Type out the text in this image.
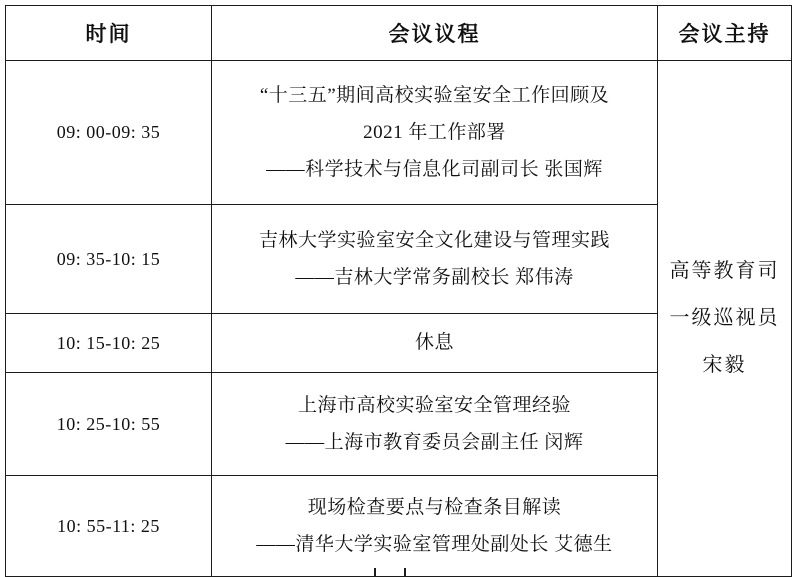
时间	会议议程	会议主持
09: 00-09: 35	“十三五”期间高校实验室安全工作回顾及
2021 年工作部署
——科学技术与信息化司副司长 张国辉	高等教育司
一级巡视员
宋毅

09: 35-10: 15	吉林大学实验室安全文化建设与管理实践
——吉林大学常务副校长 郑伟涛	

10: 15-10: 25	休息	

10: 25-10: 55	上海市高校实验室安全管理经验
——上海市教育委员会副主任 闵辉	

10: 55-11: 25	现场检查要点与检查条目解读
——清华大学实验室管理处副处长 艾德生	
